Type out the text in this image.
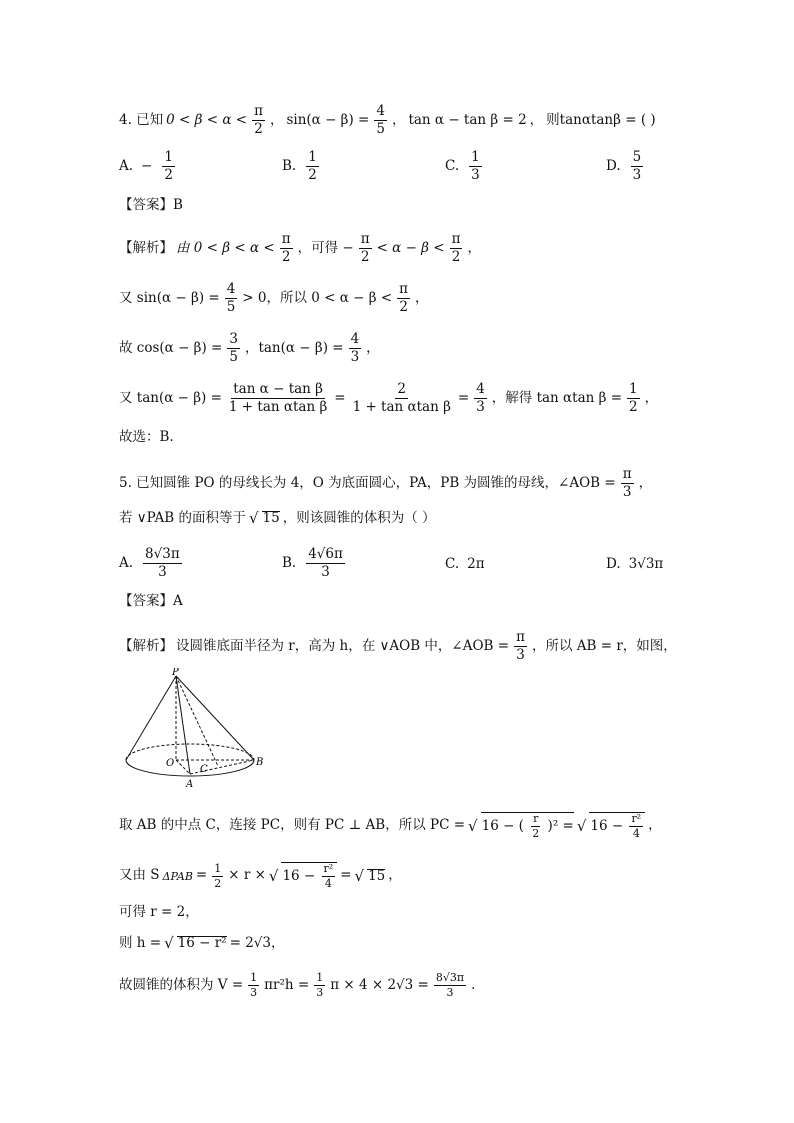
4. 已知 $0 < \beta < \alpha < \frac{\pi}{2}$ ， $\sin(\alpha - \beta) = \frac{4}{5}$ ， tan α − tan β = 2 ， 则tanαtanβ = ( )
A. − $\frac{1}{2}$	B. $\frac{1}{2}$	C. $\frac{1}{3}$	D. $\frac{5}{3}$
【答案】B
【解析】 由 $0 < \beta < \alpha < \frac{\pi}{2}$ ，可得 − $\frac{\pi}{2} < \alpha - \beta < \frac{\pi}{2}$ ，
又 $\sin(\alpha - \beta) = \frac{4}{5} > 0$，所以 $0 < \alpha - \beta < \frac{\pi}{2}$ ，
故 $\cos(\alpha - \beta) = \frac{3}{5}$ ，$\tan(\alpha - \beta) = \frac{4}{3}$ ，
又 $\tan(\alpha - \beta) = \frac{\text{tan α − tan β}}{\text{1 + tan αtan β}} = \frac{2}{\text{1 + tan αtan β}} = \frac{4}{3}$ ，解得 tan αtan $\beta = \frac{1}{2}$ ，
故选：B.
5. 已知圆锥 PO 的母线长为 4，O 为底面圆心，PA，PB 为圆锥的母线，∠AOB = $\frac{\pi}{3}$ ，
若 ∨PAB 的面积等于 √ 15 ，则该圆锥的体积为（ ）
A. $\frac{8√3\pi}{3}$	B. $\frac{4√6\pi}{3}$	C. 2π	D. 3√3π
【答案】A
【解析】 设圆锥底面半径为 r，高为 h，在 ∨AOB 中，∠AOB = $\frac{\pi}{3}$ ，所以 AB = r，如图，
P
O
C
A
B
取 AB 的中点 C，连接 PC，则有 PC ⊥ AB，所以 PC = √ 16 − ( $\frac{r}{2} )^2$ = √ $16 - \frac{\text{r²}}{4}$ ，
又由 S $\Delta PAB = \frac{1}{2} \times r$ × √ $16 - \frac{\text{r²}}{4}$ = √ 15 ，
可得 r = 2，
则 h = √ 16 − r² = 2√3，
故圆锥的体积为 $V = \frac{1}{3} \pi r^2h = \frac{1}{3}$ $\pi \times 4 \times 2√3 = \frac{8√3\pi}{3}$ .
